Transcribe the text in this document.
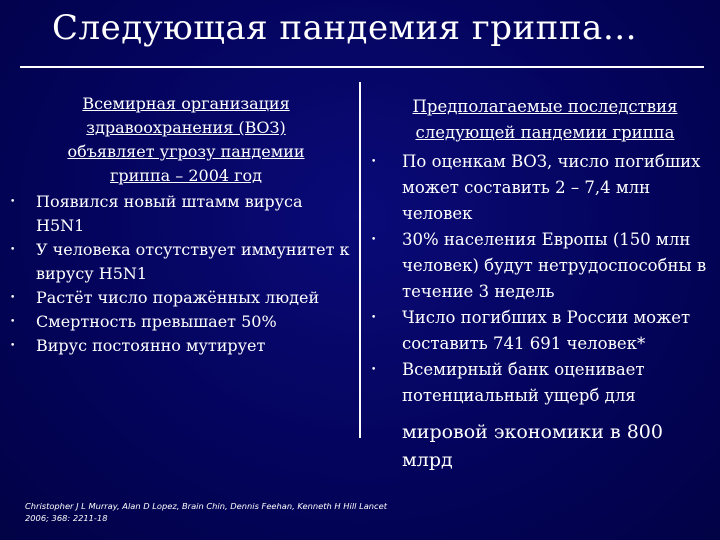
Следующая пандемия гриппа…
Всемирная организация здравоохранения (ВОЗ) объявляет угрозу пандемии гриппа – 2004 год
• Появился новый штамм вируса H5N1
• У человека отсутствует иммунитет к вирусу H5N1
• Растёт число поражённых людей
• Смертность превышает 50%
• Вирус постоянно мутирует
Предполагаемые последствия следующей пандемии гриппа
• По оценкам ВОЗ, число погибших может составить 2 – 7,4 млн человек
• 30% населения Европы (150 млн человек) будут нетрудоспособны в течение 3 недель
• Число погибших в России может составить 741 691 человек*
• Всемирный банк оценивает потенциальный ущерб для
мировой экономики в 800 млрд
Christopher J L Murray, Alan D Lopez, Brain Chin, Dennis Feehan, Kenneth H Hill Lancet 2006; 368: 2211-18
